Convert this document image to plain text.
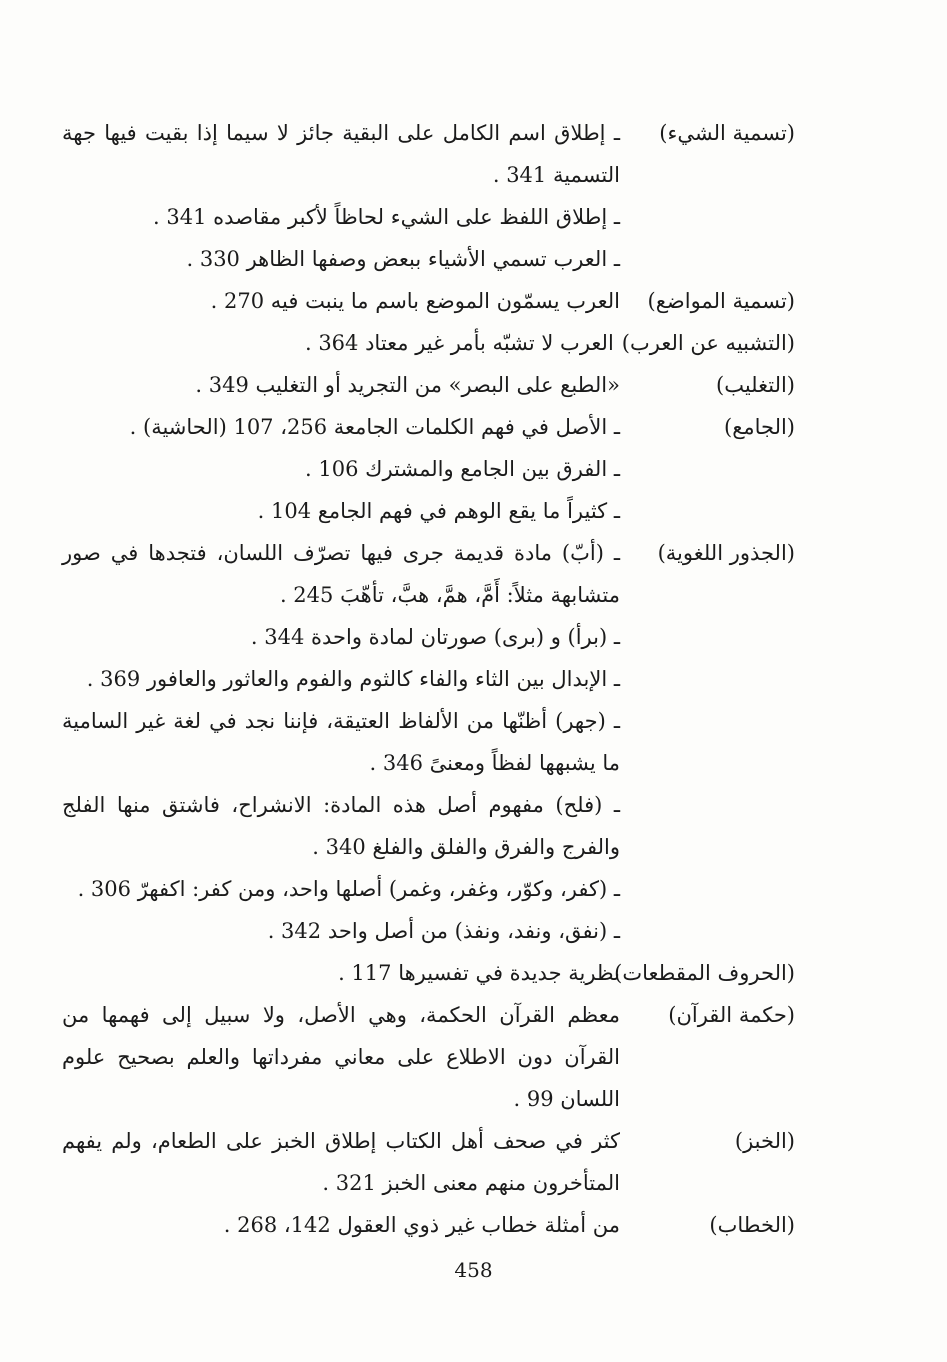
(تسمية الشيء)
ـ إطلاق اسم الكامل على البقية جائز لا سيما إذا بقيت فيها جهة التسمية 341 .
ـ إطلاق اللفظ على الشيء لحاظاً لأكبر مقاصده 341 .
ـ العرب تسمي الأشياء ببعض وصفها الظاهر 330 .
(تسمية المواضع)
العرب يسمّون الموضع باسم ما ينبت فيه 270 .
(التشبيه عن العرب)
العرب لا تشبّه بأمر غير معتاد 364 .
(التغليب)
«الطبع على البصر» من التجريد أو التغليب 349 .
(الجامع)
ـ الأصل في فهم الكلمات الجامعة 256، 107 (الحاشية) .
ـ الفرق بين الجامع والمشترك 106 .
ـ كثيراً ما يقع الوهم في فهم الجامع 104 .
(الجذور اللغوية)
ـ (أبّ) مادة قديمة جرى فيها تصرّف اللسان، فتجدها في صور متشابهة مثلاً: أَمَّ، همَّ، هبَّ، تأهّبَ 245 .
ـ (برأ) و (برى) صورتان لمادة واحدة 344 .
ـ الإبدال بين الثاء والفاء كالثوم والفوم والعاثور والعافور 369 .
ـ (جهر) أظنّها من الألفاظ العتيقة، فإننا نجد في لغة غير السامية ما يشبهها لفظاً ومعنىً 346 .
ـ (فلح) مفهوم أصل هذه المادة: الانشراح، فاشتق منها الفلج والفرج والفرق والفلق والفلغ 340 .
ـ (كفر، وكوّر، وغفر، وغمر) أصلها واحد، ومن كفر: اكفهرّ 306 .
ـ (نفق، ونفد، ونفذ) من أصل واحد 342 .
(الحروف المقطعات)
نظرية جديدة في تفسيرها 117 .
(حكمة القرآن)
معظم القرآن الحكمة، وهي الأصل، ولا سبيل إلى فهمها من القرآن دون الاطلاع على معاني مفرداتها والعلم بصحيح علوم اللسان 99 .
(الخبز)
كثر في صحف أهل الكتاب إطلاق الخبز على الطعام، ولم يفهم المتأخرون منهم معنى الخبز 321 .
(الخطاب)
من أمثلة خطاب غير ذوي العقول 142، 268 .
458
